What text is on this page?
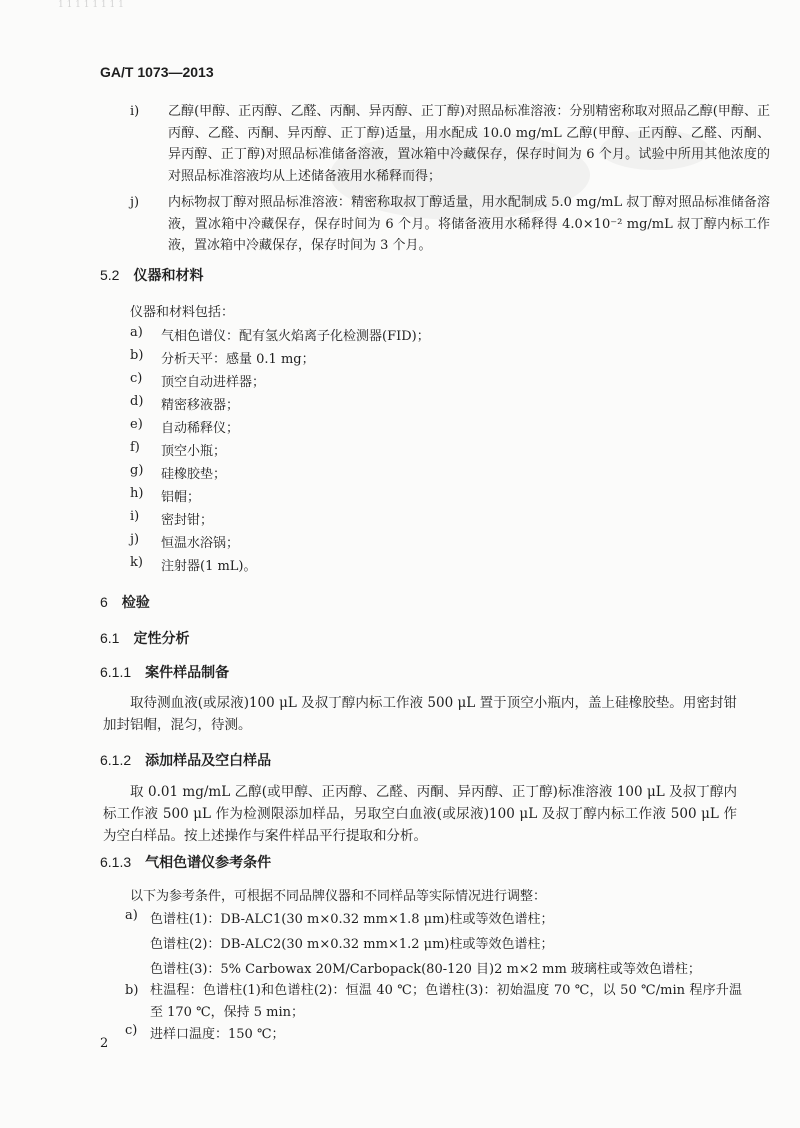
1 1 1 1 1 1 1 1
GA/T 1073—2013
i) 乙醇(甲醇、正丙醇、乙醛、丙酮、异丙醇、正丁醇)对照品标准溶液：分别精密称取对照品乙醇(甲醇、正丙醇、乙醛、丙酮、异丙醇、正丁醇)适量，用水配成 10.0 mg/mL 乙醇(甲醇、正丙醇、乙醛、丙酮、异丙醇、正丁醇)对照品标准储备溶液，置冰箱中冷藏保存，保存时间为 6 个月。试验中所用其他浓度的对照品标准溶液均从上述储备液用水稀释而得；
j) 内标物叔丁醇对照品标准溶液：精密称取叔丁醇适量，用水配制成 5.0 mg/mL 叔丁醇对照品标准储备溶液，置冰箱中冷藏保存，保存时间为 6 个月。将储备液用水稀释得 4.0×10⁻² mg/mL 叔丁醇内标工作液，置冰箱中冷藏保存，保存时间为 3 个月。
5.2 仪器和材料
仪器和材料包括：
a) 气相色谱仪：配有氢火焰离子化检测器(FID)；
b) 分析天平：感量 0.1 mg；
c) 顶空自动进样器；
d) 精密移液器；
e) 自动稀释仪；
f) 顶空小瓶；
g) 硅橡胶垫；
h) 铝帽；
i) 密封钳；
j) 恒温水浴锅；
k) 注射器(1 mL)。
6 检验
6.1 定性分析
6.1.1 案件样品制备
取待测血液(或尿液)100 μL 及叔丁醇内标工作液 500 μL 置于顶空小瓶内，盖上硅橡胶垫。用密封钳加封铝帽，混匀，待测。
6.1.2 添加样品及空白样品
取 0.01 mg/mL 乙醇(或甲醇、正丙醇、乙醛、丙酮、异丙醇、正丁醇)标准溶液 100 μL 及叔丁醇内标工作液 500 μL 作为检测限添加样品，另取空白血液(或尿液)100 μL 及叔丁醇内标工作液 500 μL 作为空白样品。按上述操作与案件样品平行提取和分析。
6.1.3 气相色谱仪参考条件
以下为参考条件，可根据不同品牌仪器和不同样品等实际情况进行调整：
a) 色谱柱(1)：DB-ALC1(30 m×0.32 mm×1.8 μm)柱或等效色谱柱；
色谱柱(2)：DB-ALC2(30 m×0.32 mm×1.2 μm)柱或等效色谱柱；
色谱柱(3)：5% Carbowax 20M/Carbopack(80-120 目)2 m×2 mm 玻璃柱或等效色谱柱；
b) 柱温程：色谱柱(1)和色谱柱(2)：恒温 40 ℃；色谱柱(3)：初始温度 70 ℃，以 50 ℃/min 程序升温至 170 ℃，保持 5 min；
c) 进样口温度：150 ℃；
2
